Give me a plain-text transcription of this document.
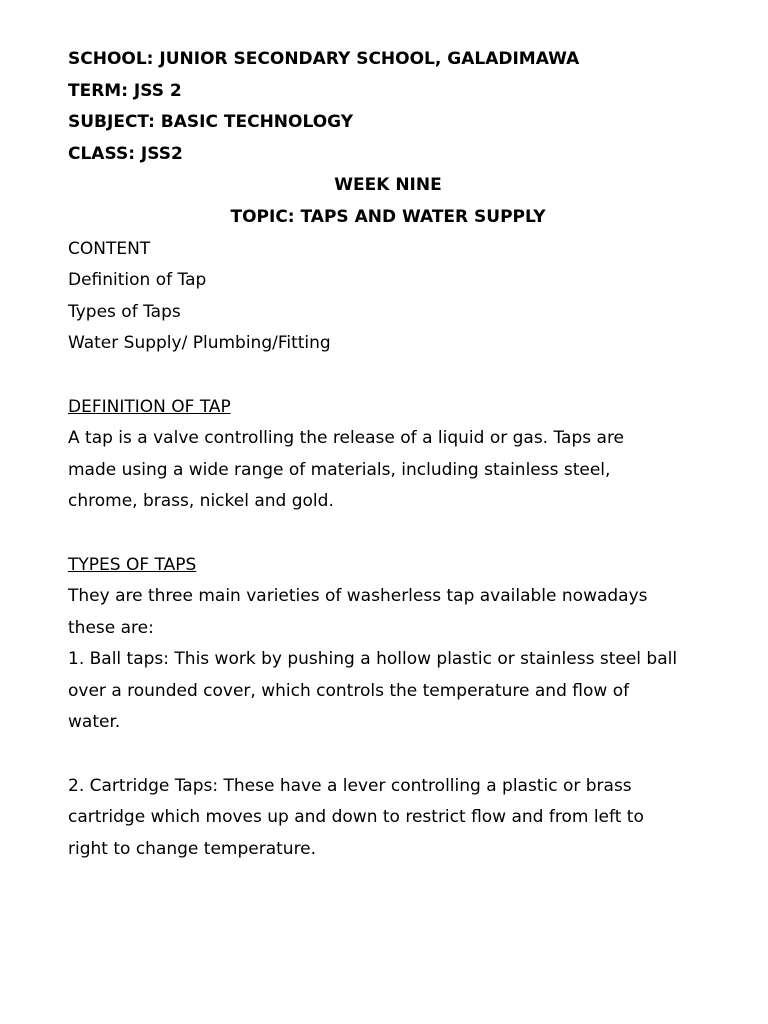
SCHOOL: JUNIOR SECONDARY SCHOOL, GALADIMAWA
TERM: JSS 2
SUBJECT: BASIC TECHNOLOGY
CLASS: JSS2
WEEK NINE
TOPIC: TAPS AND WATER SUPPLY
CONTENT
Definition of Tap
Types of Taps
Water Supply/ Plumbing/Fitting
DEFINITION OF TAP
A tap is a valve controlling the release of a liquid or gas. Taps are
made using a wide range of materials, including stainless steel,
chrome, brass, nickel and gold.
TYPES OF TAPS
They are three main varieties of washerless tap available nowadays
these are:
1. Ball taps: This work by pushing a hollow plastic or stainless steel ball
over a rounded cover, which controls the temperature and flow of
water.
2. Cartridge Taps: These have a lever controlling a plastic or brass
cartridge which moves up and down to restrict flow and from left to
right to change temperature.
